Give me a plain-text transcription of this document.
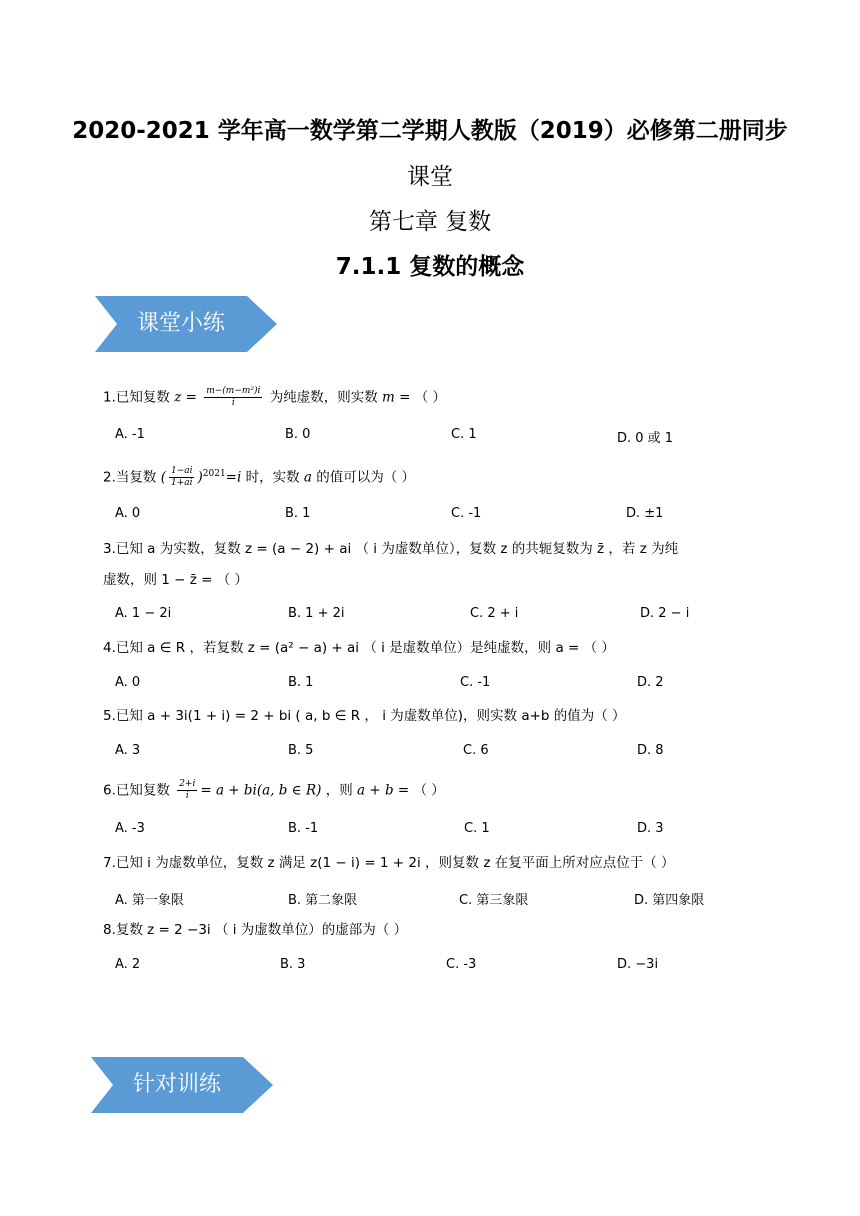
2020-2021 学年高一数学第二学期人教版（2019）必修第二册同步
课堂
第七章 复数
7.1.1 复数的概念
课堂小练
1.已知复数 $z = \frac{\text{m−(m−m²)i}}{i}$ 为纯虚数，则实数 m = （ ）
A. -1	B. 0	C. 1	D. 0 或 1
2.当复数 ( $\frac{1-ai}{1+ai} )^{2021}=i$ 时，实数 a 的值可以为（ ）
A. 0	B. 1	C. -1	D. ±1
3.已知 a 为实数，复数 z = (a − 2) + ai （ i 为虚数单位），复数 z 的共轭复数为 z̄ ，若 z 为纯
虚数，则 1 − z̄ = （ ）
A. 1 − 2i	B. 1 + 2i	C. 2 + i	D. 2 − i
4.已知 a ∈ R ，若复数 z = (a² − a) + ai （ i 是虚数单位）是纯虚数，则 a = （ ）
A. 0	B. 1	C. -1	D. 2
5.已知 a + 3i(1 + i) = 2 + bi ( a, b ∈ R ， i 为虚数单位)，则实数 a+b 的值为（ ）
A. 3	B. 5	C. 6	D. 8
6.已知复数 $\frac{2+i}{i} = a + bi(a$, b ∈ R) ，则 a + b = （ ）
A. -3	B. -1	C. 1	D. 3
7.已知 i 为虚数单位，复数 z 满足 z(1 − i) = 1 + 2i ，则复数 z 在复平面上所对应点位于（ ）
A. 第一象限	B. 第二象限	C. 第三象限	D. 第四象限
8.复数 z = 2 −3i （ i 为虚数单位）的虚部为（ ）
A. 2	B. 3	C. -3	D. −3i
针对训练
